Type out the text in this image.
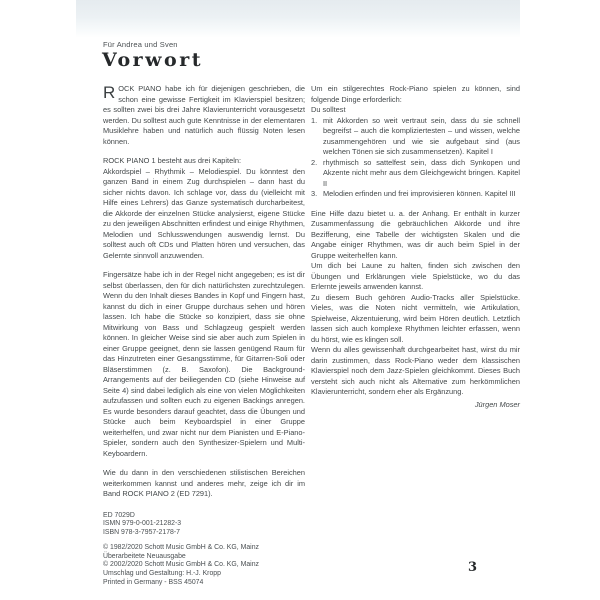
Für Andrea und Sven
Vorwort

ROCK PIANO habe ich für diejenigen geschrieben, die schon eine gewisse Fertigkeit im Klavierspiel besitzen; es sollten zwei bis drei Jahre Klavierunterricht vorausgesetzt werden. Du solltest auch gute Kenntnisse in der elementaren Musiklehre haben und natürlich auch flüssig Noten lesen können.

ROCK PIANO 1 besteht aus drei Kapiteln:

Akkordspiel – Rhythmik – Melodiespiel. Du könntest den ganzen Band in einem Zug durchspielen – dann hast du sicher nichts davon. Ich schlage vor, dass du (vielleicht mit Hilfe eines Lehrers) das Ganze systematisch durcharbeitest, die Akkorde der einzelnen Stücke analysierst, eigene Stücke zu den jeweiligen Abschnitten erfindest und einige Rhythmen, Melodien und Schlusswendungen auswendig lernst. Du solltest auch oft CDs und Platten hören und versuchen, das Gelernte sinnvoll anzuwenden.

Fingersätze habe ich in der Regel nicht angegeben; es ist dir selbst überlassen, den für dich natürlichsten zurechtzulegen. Wenn du den Inhalt dieses Bandes in Kopf und Fingern hast, kannst du dich in einer Gruppe durchaus sehen und hören lassen. Ich habe die Stücke so konzipiert, dass sie ohne Mitwirkung von Bass und Schlagzeug gespielt werden können. In gleicher Weise sind sie aber auch zum Spielen in einer Gruppe geeignet, denn sie lassen genügend Raum für das Hinzutreten einer Gesangsstimme, für Gitarren-Soli oder Bläserstimmen (z. B. Saxofon). Die Background-Arrangements auf der beiliegenden CD (siehe Hinweise auf Seite 4) sind dabei lediglich als eine von vielen Möglichkeiten aufzufassen und sollten euch zu eigenen Backings anregen. Es wurde besonders darauf geachtet, dass die Übungen und Stücke auch beim Keyboardspiel in einer Gruppe weiterhelfen, und zwar nicht nur dem Pianisten und E-Piano-Spieler, sondern auch den Synthesizer-Spielern und Multi-Keyboardern.

Wie du dann in den verschiedenen stilistischen Bereichen weiterkommen kannst und anderes mehr, zeige ich dir im Band ROCK PIANO 2 (ED 7291).

ED 7029D
ISMN 979-0-001-21282-3
ISBN 978-3-7957-2178-7
© 1982/2020 Schott Music GmbH & Co. KG, Mainz
Überarbeitete Neuausgabe
© 2002/2020 Schott Music GmbH & Co. KG, Mainz
Umschlag und Gestaltung: H.-J. Kropp
Printed in Germany - BSS 45074

Um ein stilgerechtes Rock-Piano spielen zu können, sind folgende Dinge erforderlich:

Du solltest

1. mit Akkorden so weit vertraut sein, dass du sie schnell begreifst – auch die kompliziertesten – und wissen, welche zusammengehören und wie sie aufgebaut sind (aus welchen Tönen sie sich zusammensetzen). Kapitel I
2. rhythmisch so sattelfest sein, dass dich Synkopen und Akzente nicht mehr aus dem Gleichgewicht bringen. Kapitel II
3. Melodien erfinden und frei improvisieren können. Kapitel III

Eine Hilfe dazu bietet u. a. der Anhang. Er enthält in kurzer Zusammenfassung die gebräuchlichen Akkorde und ihre Bezifferung, eine Tabelle der wichtigsten Skalen und die Angabe einiger Rhythmen, was dir auch beim Spiel in der Gruppe weiterhelfen kann.

Um dich bei Laune zu halten, finden sich zwischen den Übungen und Erklärungen viele Spielstücke, wo du das Erlernte jeweils anwenden kannst.

Zu diesem Buch gehören Audio-Tracks aller Spielstücke. Vieles, was die Noten nicht vermitteln, wie Artikulation, Spielweise, Akzentuierung, wird beim Hören deutlich. Letztlich lassen sich auch komplexe Rhythmen leichter erfassen, wenn du hörst, wie es klingen soll.

Wenn du alles gewissenhaft durchgearbeitet hast, wirst du mir darin zustimmen, dass Rock-Piano weder dem klassischen Klavierspiel noch dem Jazz-Spielen gleichkommt. Dieses Buch versteht sich auch nicht als Alternative zum herkömmlichen Klavierunterricht, sondern eher als Ergänzung.

Jürgen Moser
3
